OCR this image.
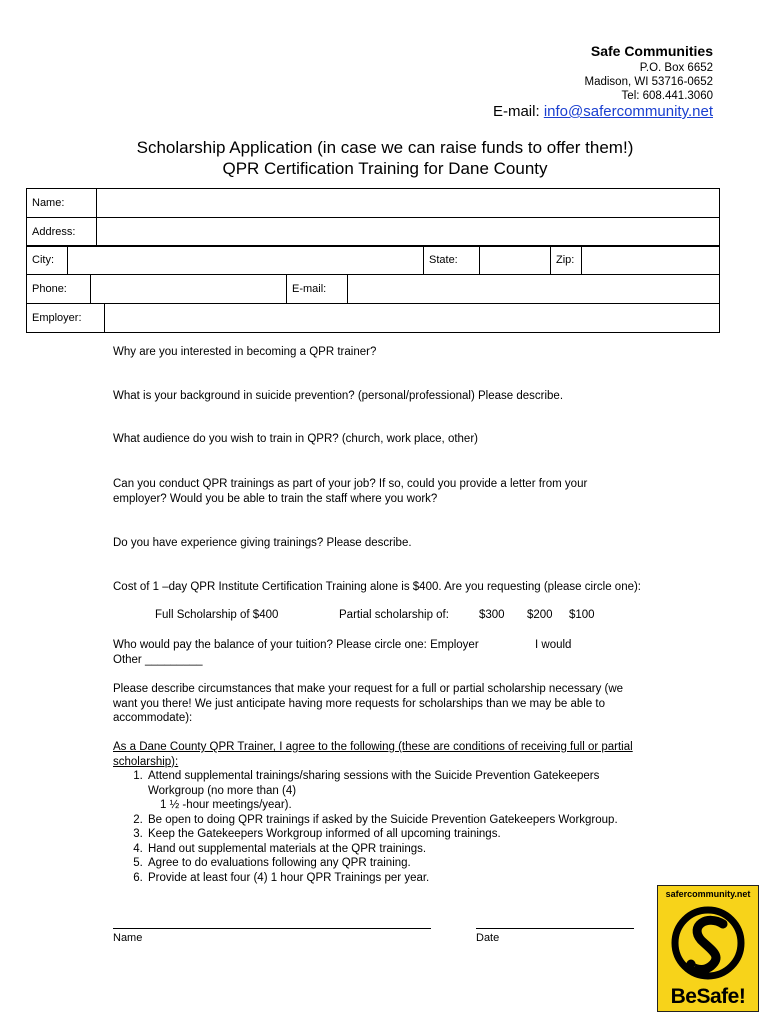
Safe Communities
P.O. Box 6652
Madison, WI 53716-0652
Tel: 608.441.3060
E-mail: info@safercommunity.net
Scholarship Application (in case we can raise funds to offer them!)
QPR Certification Training for Dane County
Name:	
Address:	
City:		State:		Zip:	
Phone:		E-mail:	
Employer:	
Why are you interested in becoming a QPR trainer?
What is your background in suicide prevention? (personal/professional) Please describe.
What audience do you wish to train in QPR? (church, work place, other)
Can you conduct QPR trainings as part of your job? If so, could you provide a letter from your employer? Would you be able to train the staff where you work?
Do you have experience giving trainings? Please describe.
Cost of 1 –day QPR Institute Certification Training alone is $400. Are you requesting (please circle one):
Full Scholarship of $400	Partial scholarship of:	$300 $200 $100
Who would pay the balance of your tuition? Please circle one: Employer	I would
Other _________
Please describe circumstances that make your request for a full or partial scholarship necessary (we want you there! We just anticipate having more requests for scholarships than we may be able to accommodate):
As a Dane County QPR Trainer, I agree to the following (these are conditions of receiving full or partial scholarship):
1. Attend supplemental trainings/sharing sessions with the Suicide Prevention Gatekeepers Workgroup (no more than (4)
1 ½ -hour meetings/year).
2. Be open to doing QPR trainings if asked by the Suicide Prevention Gatekeepers Workgroup.
3. Keep the Gatekeepers Workgroup informed of all upcoming trainings.
4. Hand out supplemental materials at the QPR trainings.
5. Agree to do evaluations following any QPR training.
6. Provide at least four (4) 1 hour QPR Trainings per year.
Name	Date
safercommunity.net
BeSafe!
